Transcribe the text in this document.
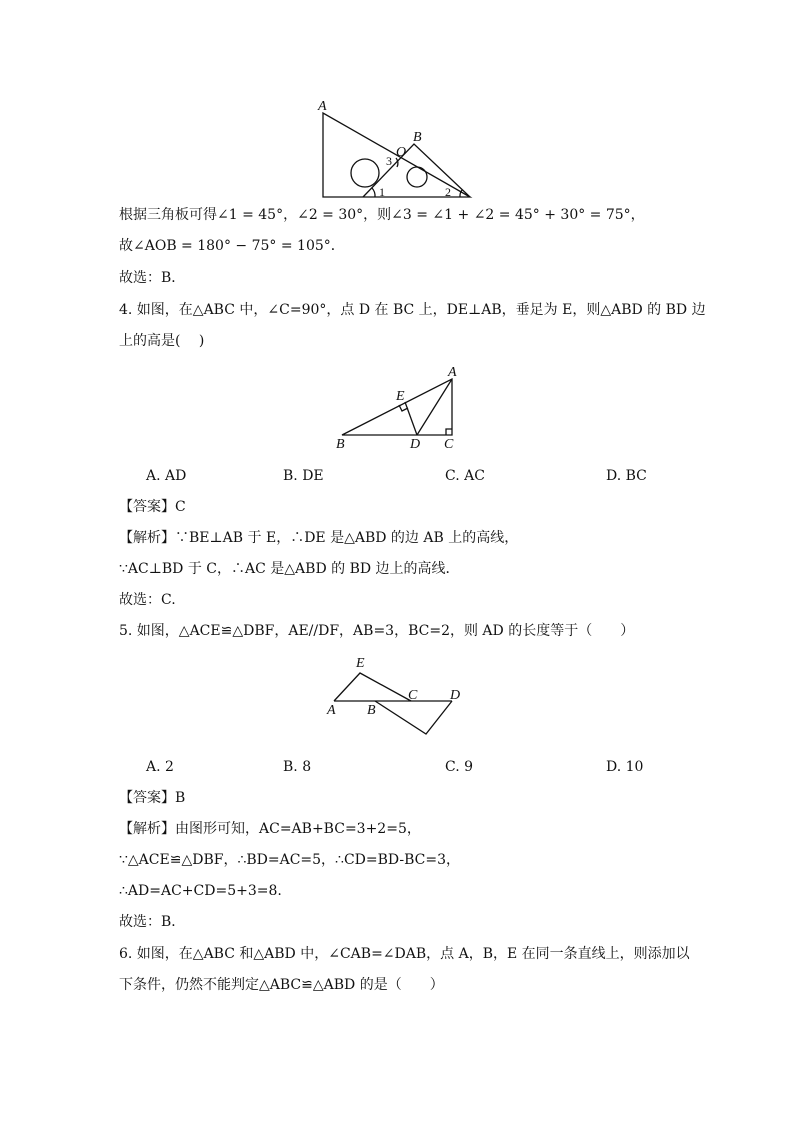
A
B
O
1	2
3
根据三角板可得∠1 = 45°，∠2 = 30°，则∠3 = ∠1 + ∠2 = 45° + 30° = 75°，
故∠AOB = 180° − 75° = 105°．
故选：B．
4. 如图，在△ABC 中，∠C=90°，点 D 在 BC 上，DE⊥AB，垂足为 E，则△ABD 的 BD 边
上的高是(　 )
A
B	C
D
E
A. AD	B. DE	C. AC	D. BC
【答案】C
【解析】∵BE⊥AB 于 E，∴DE 是△ABD 的边 AB 上的高线，
∵AC⊥BD 于 C，∴AC 是△ABD 的 BD 边上的高线．
故选：C.
5. 如图，△ACE≌△DBF，AE//DF，AB=3，BC=2，则 AD 的长度等于（　　）
E
A B
C D
A. 2	B. 8	C. 9	D. 10
【答案】B
【解析】由图形可知，AC=AB+BC=3+2=5，
∵△ACE≌△DBF，∴BD=AC=5，∴CD=BD-BC=3，
∴AD=AC+CD=5+3=8.
故选：B．
6. 如图，在△ABC 和△ABD 中，∠CAB=∠DAB，点 A，B，E 在同一条直线上，则添加以
下条件，仍然不能判定△ABC≌△ABD 的是（　　）
